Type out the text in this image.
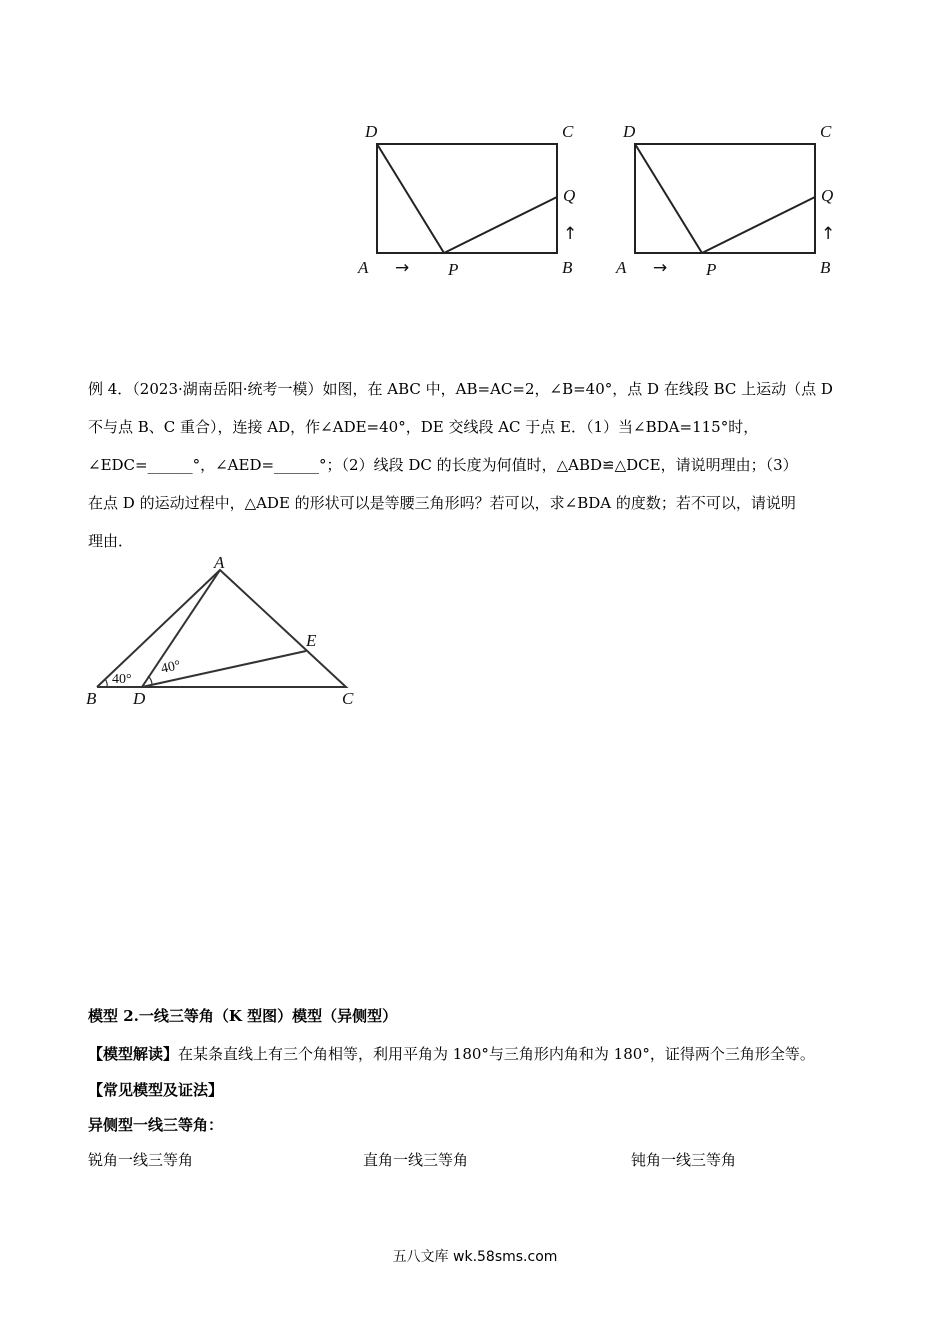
D	C
Q
↑
A → P	B
D	C
Q
↑
A → P	B

例 4．（2023·湖南岳阳·统考一模）如图，在 ABC 中，AB=AC=2，∠B=40°，点 D 在线段 BC 上运动（点 D

不与点 B、C 重合），连接 AD，作∠ADE=40°，DE 交线段 AC 于点 E．（1）当∠BDA=115°时，

∠EDC=______°，∠AED=______°；（2）线段 DC 的长度为何值时，△ABD≌△DCE，请说明理由；（3）

在点 D 的运动过程中，△ADE 的形状可以是等腰三角形吗？若可以，求∠BDA 的度数；若不可以，请说明

理由．

A
E
B D	C
40°
40°
模型 2.一线三等角（K 型图）模型（异侧型）
【模型解读】在某条直线上有三个角相等，利用平角为 180°与三角形内角和为 180°，证得两个三角形全等。
【常见模型及证法】
异侧型一线三等角：
锐角一线三等角	直角一线三等角	钝角一线三等角
五八文库 wk.58sms.com
